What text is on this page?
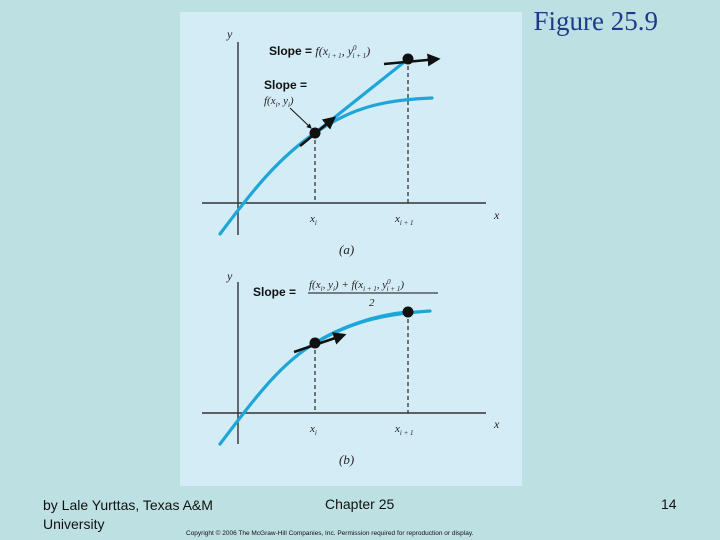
Figure 25.9
y
x
$x_i$	$x_{i + 1}$
Slope = $f(x_{i + 1}$, $y^0$ i + 1)
Slope =
$f(x_i$, $y_i$)
(a)
y
x
$x_i$	$x_{i + 1}$
Slope = $f(x_i$, $y_i) + f(x_{i + 1}$, $y^0$ i + 1)
2
(b)
by Lale Yurttas, Texas A&M University
Chapter 25	14
Copyright © 2006 The McGraw-Hill Companies, Inc. Permission required for reproduction or display.
